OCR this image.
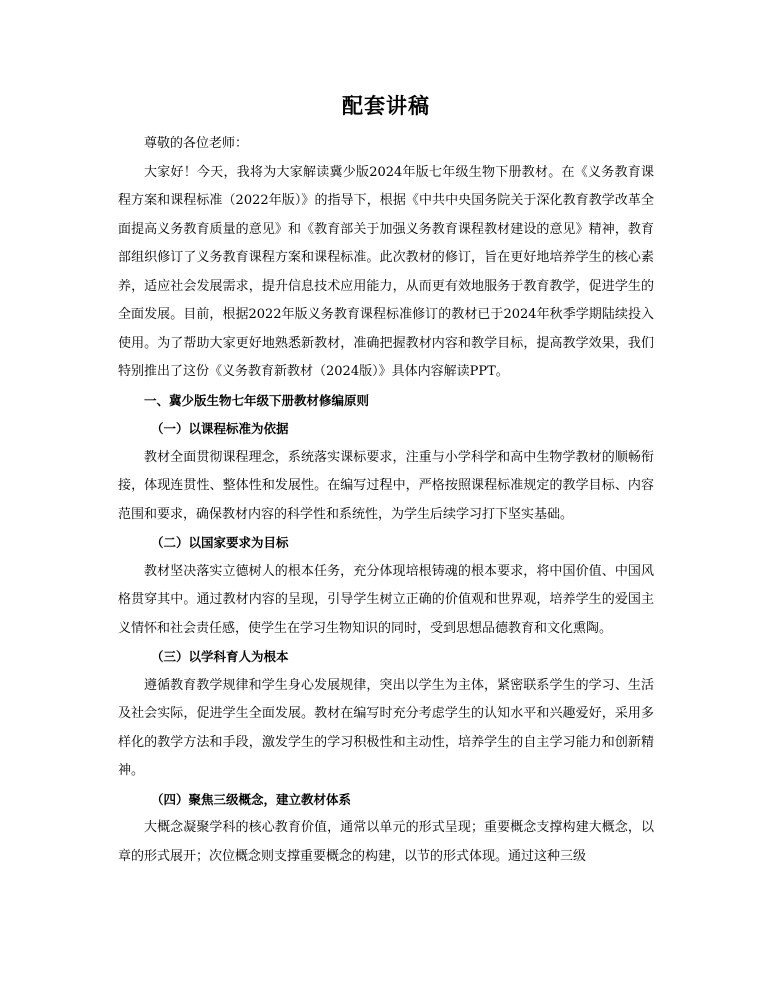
配套讲稿

尊敬的各位老师：

大家好！今天，我将为大家解读冀少版2024年版七年级生物下册教材。在《义务教育课程方案和课程标准（2022年版）》的指导下，根据《中共中央国务院关于深化教育教学改革全面提高义务教育质量的意见》和《教育部关于加强义务教育课程教材建设的意见》精神，教育部组织修订了义务教育课程方案和课程标准。此次教材的修订，旨在更好地培养学生的核心素养，适应社会发展需求，提升信息技术应用能力，从而更有效地服务于教育教学，促进学生的全面发展。目前，根据2022年版义务教育课程标准修订的教材已于2024年秋季学期陆续投入使用。为了帮助大家更好地熟悉新教材，准确把握教材内容和教学目标，提高教学效果，我们特别推出了这份《义务教育新教材（2024版）》具体内容解读PPT。

一、冀少版生物七年级下册教材修编原则

（一）以课程标准为依据

教材全面贯彻课程理念，系统落实课标要求，注重与小学科学和高中生物学教材的顺畅衔接，体现连贯性、整体性和发展性。在编写过程中，严格按照课程标准规定的教学目标、内容范围和要求，确保教材内容的科学性和系统性，为学生后续学习打下坚实基础。

（二）以国家要求为目标

教材坚决落实立德树人的根本任务，充分体现培根铸魂的根本要求，将中国价值、中国风格贯穿其中。通过教材内容的呈现，引导学生树立正确的价值观和世界观，培养学生的爱国主义情怀和社会责任感，使学生在学习生物知识的同时，受到思想品德教育和文化熏陶。

（三）以学科育人为根本

遵循教育教学规律和学生身心发展规律，突出以学生为主体，紧密联系学生的学习、生活及社会实际，促进学生全面发展。教材在编写时充分考虑学生的认知水平和兴趣爱好，采用多样化的教学方法和手段，激发学生的学习积极性和主动性，培养学生的自主学习能力和创新精神。

（四）聚焦三级概念，建立教材体系

大概念凝聚学科的核心教育价值，通常以单元的形式呈现；重要概念支撑构建大概念，以章的形式展开；次位概念则支撑重要概念的构建，以节的形式体现。通过这种三级
